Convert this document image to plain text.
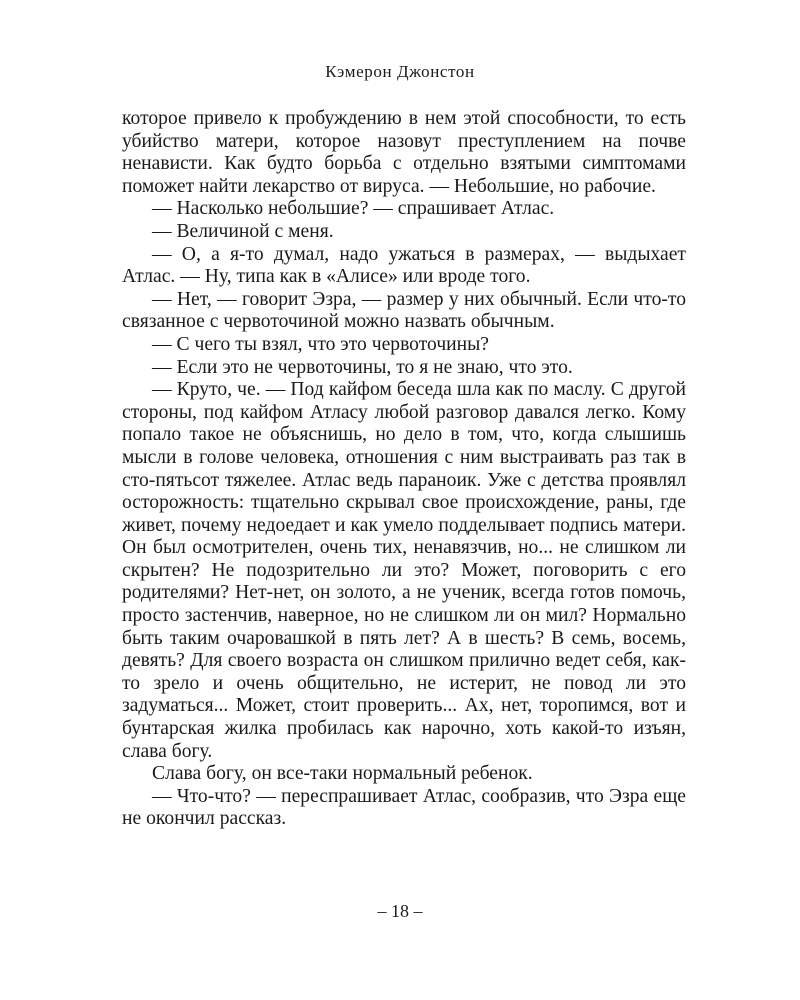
Кэмерон Джонстон

которое привело к пробуждению в нем этой способности, то есть убийство матери, которое назовут преступлением на почве ненависти. Как будто борьба с отдельно взятыми симптомами поможет найти лекарство от вируса. — Небольшие, но рабочие.

— Насколько небольшие? — спрашивает Атлас.

— Величиной с меня.

— О, а я-то думал, надо ужаться в размерах, — выдыхает Атлас. — Ну, типа как в «Алисе» или вроде того.

— Нет, — говорит Эзра, — размер у них обычный. Если что-то связанное с червоточиной можно назвать обычным.

— С чего ты взял, что это червоточины?

— Если это не червоточины, то я не знаю, что это.

— Круто, че. — Под кайфом беседа шла как по маслу. С другой стороны, под кайфом Атласу любой разговор давался легко. Кому попало такое не объяснишь, но дело в том, что, когда слышишь мысли в голове человека, отношения с ним выстраивать раз так в сто-пятьсот тяжелее. Атлас ведь параноик. Уже с детства проявлял осторожность: тщательно скрывал свое происхождение, раны, где живет, почему недоедает и как умело подделывает подпись матери. Он был осмотрителен, очень тих, ненавязчив, но... не слишком ли скрытен? Не подозрительно ли это? Может, поговорить с его родителями? Нет-нет, он золото, а не ученик, всегда готов помочь, просто застенчив, наверное, но не слишком ли он мил? Нормально быть таким очаровашкой в пять лет? А в шесть? В семь, восемь, девять? Для своего возраста он слишком прилично ведет себя, как-то зрело и очень общительно, не истерит, не повод ли это задуматься... Может, стоит проверить... Ах, нет, торопимся, вот и бунтарская жилка пробилась как нарочно, хоть какой-то изъян, слава богу.

Слава богу, он все-таки нормальный ребенок.

— Что-что? — переспрашивает Атлас, сообразив, что Эзра еще не окончил рассказ.

– 18 –
